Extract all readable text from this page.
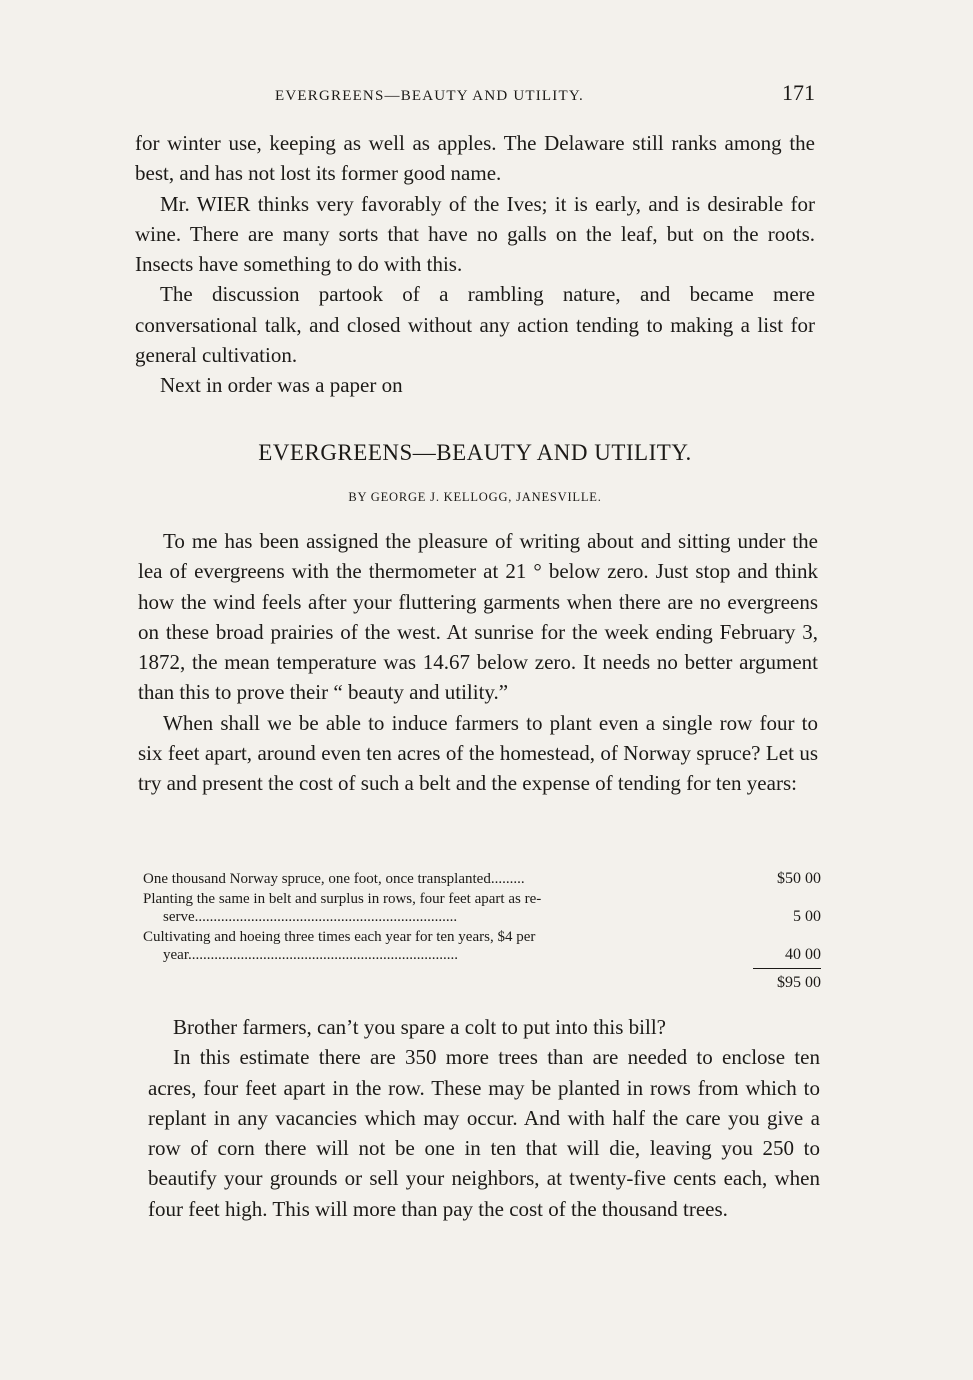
EVERGREENS—BEAUTY AND UTILITY.	171

for winter use, keeping as well as apples. The Delaware still ranks among the best, and has not lost its former good name.

Mr. WIER thinks very favorably of the Ives; it is early, and is desirable for wine. There are many sorts that have no galls on the leaf, but on the roots. Insects have something to do with this.

The discussion partook of a rambling nature, and became mere conversational talk, and closed without any action tending to making a list for general cultivation.

Next in order was a paper on

EVERGREENS—BEAUTY AND UTILITY.
BY GEORGE J. KELLOGG, JANESVILLE.

To me has been assigned the pleasure of writing about and sitting under the lea of evergreens with the thermometer at 21 ° below zero. Just stop and think how the wind feels after your fluttering garments when there are no evergreens on these broad prairies of the west. At sunrise for the week ending February 3, 1872, the mean temperature was 14.67 below zero. It needs no better argument than this to prove their “ beauty and utility.”

When shall we be able to induce farmers to plant even a single row four to six feet apart, around even ten acres of the homestead, of Norway spruce? Let us try and present the cost of such a belt and the expense of tending for ten years:

One thousand Norway spruce, one foot, once transplanted.........	$50 00
Planting the same in belt and surplus in rows, four feet apart as re-
serve......................................................................	5 00
Cultivating and hoeing three times each year for ten years, $4 per
year........................................................................	40 00
$95 00

Brother farmers, can’t you spare a colt to put into this bill?

In this estimate there are 350 more trees than are needed to enclose ten acres, four feet apart in the row. These may be planted in rows from which to replant in any vacancies which may occur. And with half the care you give a row of corn there will not be one in ten that will die, leaving you 250 to beautify your grounds or sell your neighbors, at twenty-five cents each, when four feet high. This will more than pay the cost of the thousand trees.
